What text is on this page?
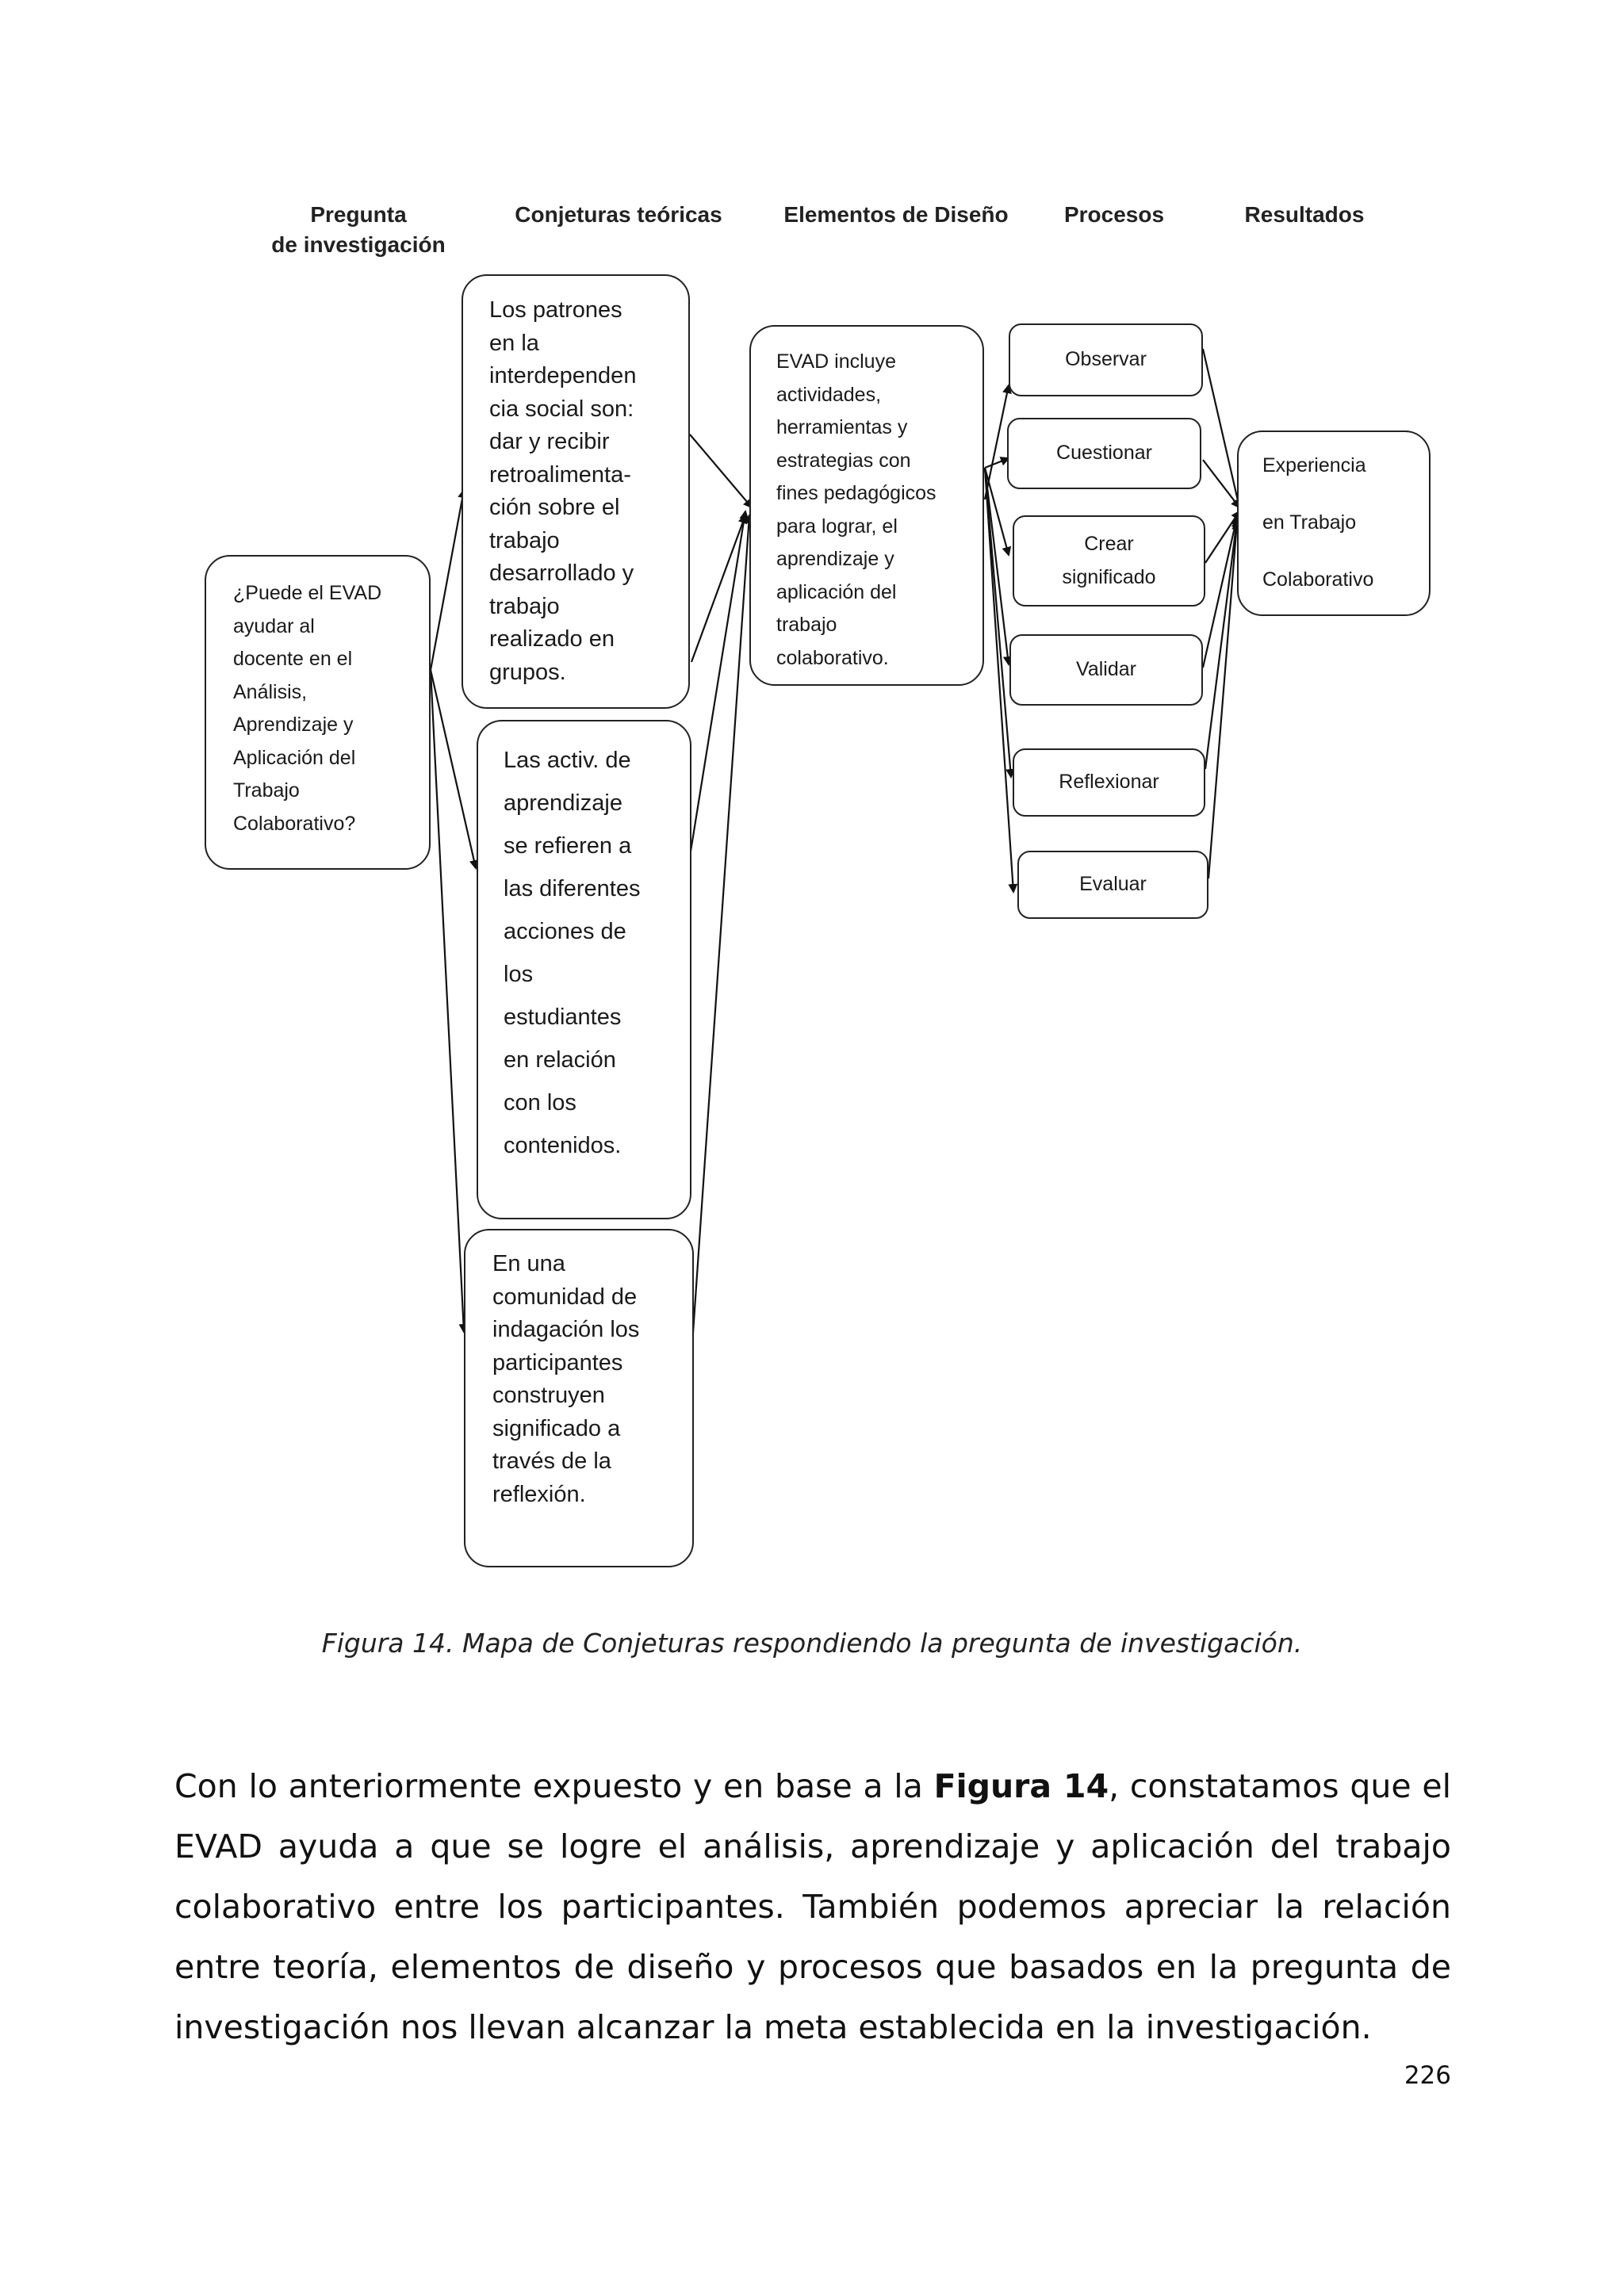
Pregunta
de investigación
Conjeturas teóricas	Elementos de Diseño	Procesos	Resultados
¿Puede el EVAD
ayudar al
docente en el
Análisis,
Aprendizaje y
Aplicación del
Trabajo
Colaborativo?
Los patrones
en la
interdependen
cia social son:
dar y recibir
retroalimenta-
ción sobre el
trabajo
desarrollado y
trabajo
realizado en
grupos.
Las activ. de
aprendizaje
se refieren a
las diferentes
acciones de
los
estudiantes
en relación
con los
contenidos.
En una
comunidad de
indagación los
participantes
construyen
significado a
través de la
reflexión.
EVAD incluye
actividades,
herramientas y
estrategias con
fines pedagógicos
para lograr, el
aprendizaje y
aplicación del
trabajo
colaborativo.
Observar
Cuestionar
Crear
significado
Validar
Reflexionar
Evaluar
Experiencia

en Trabajo

Colaborativo
Figura 14. Mapa de Conjeturas respondiendo la pregunta de investigación.
Con lo anteriormente expuesto y en base a la Figura 14, constatamos que el EVAD ayuda a que se logre el análisis, aprendizaje y aplicación del trabajo colaborativo entre los participantes. También podemos apreciar la relación entre teoría, elementos de diseño y procesos que basados en la pregunta de investigación nos llevan alcanzar la meta establecida en la investigación.
226
